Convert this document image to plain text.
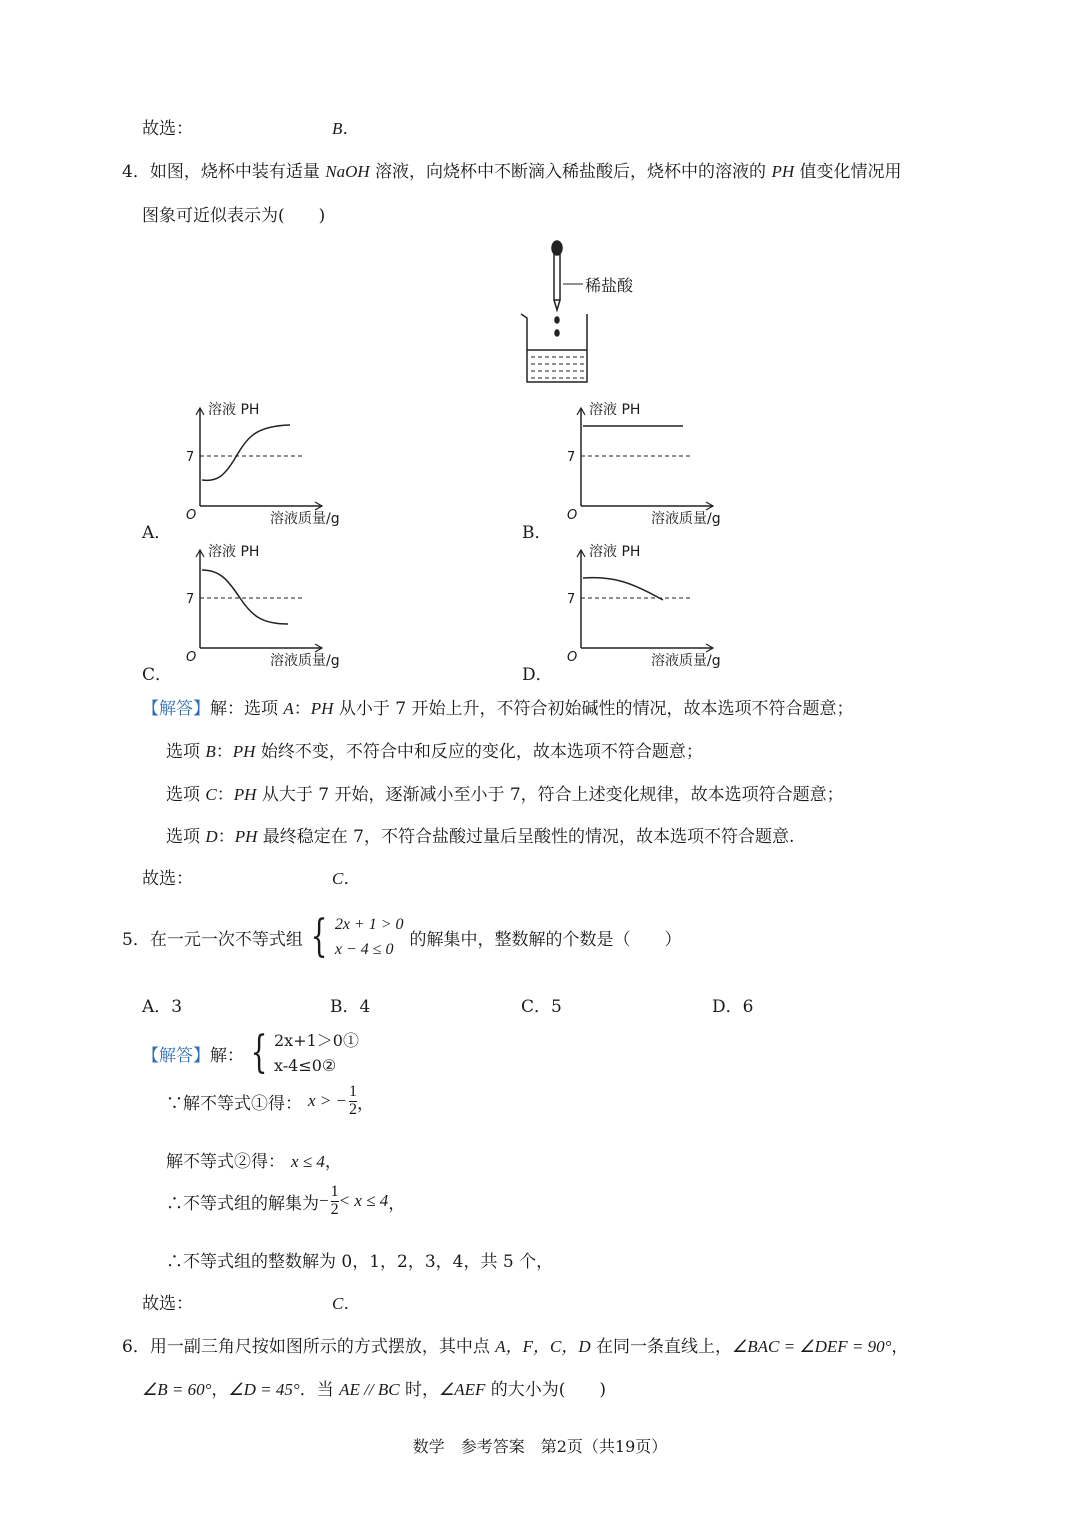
故选：	B．
4．如图，烧杯中装有适量 NaOH 溶液，向烧杯中不断滴入稀盐酸后，烧杯中的溶液的 PH 值变化情况用
图象可近似表示为(　　)
稀盐酸
7
O
溶液 PH
溶液质量/g
7
O
溶液 PH
溶液质量/g
7
O
溶液 PH
溶液质量/g
7
O
溶液 PH
溶液质量/g
A．	B．
C．	D．
【解答】解：选项 A：PH 从小于 7 开始上升，不符合初始碱性的情况，故本选项不符合题意；
选项 B：PH 始终不变，不符合中和反应的变化，故本选项不符合题意；
选项 C：PH 从大于 7 开始，逐渐减小至小于 7，符合上述变化规律，故本选项符合题意；
选项 D：PH 最终稳定在 7，不符合盐酸过量后呈酸性的情况，故本选项不符合题意.
故选：	C．
5．在一元一次不等式组 { 2x + 1 > 0
x − 4 ≤ 0 的解集中，整数解的个数是（　　）
A．3	B．4	C．5	D．6
【解答】 解： { 2x+1＞0①
x-4≤0②
∵解不等式①得： x > − $\frac{1}{2}$ ，
解不等式②得： x ≤ 4，
∴不等式组的解集为 − $\frac{1}{2} < x \le 4$ ，
∴不等式组的整数解为 0，1，2，3，4，共 5 个，
故选：	C．
6．用一副三角尺按如图所示的方式摆放，其中点 A，F，C，D 在同一条直线上，∠BAC = ∠DEF = 90°，
∠B = 60°，∠D = 45°．当 AE // BC 时，∠AEF 的大小为(　　)
数学　参考答案　第2页（共19页）
